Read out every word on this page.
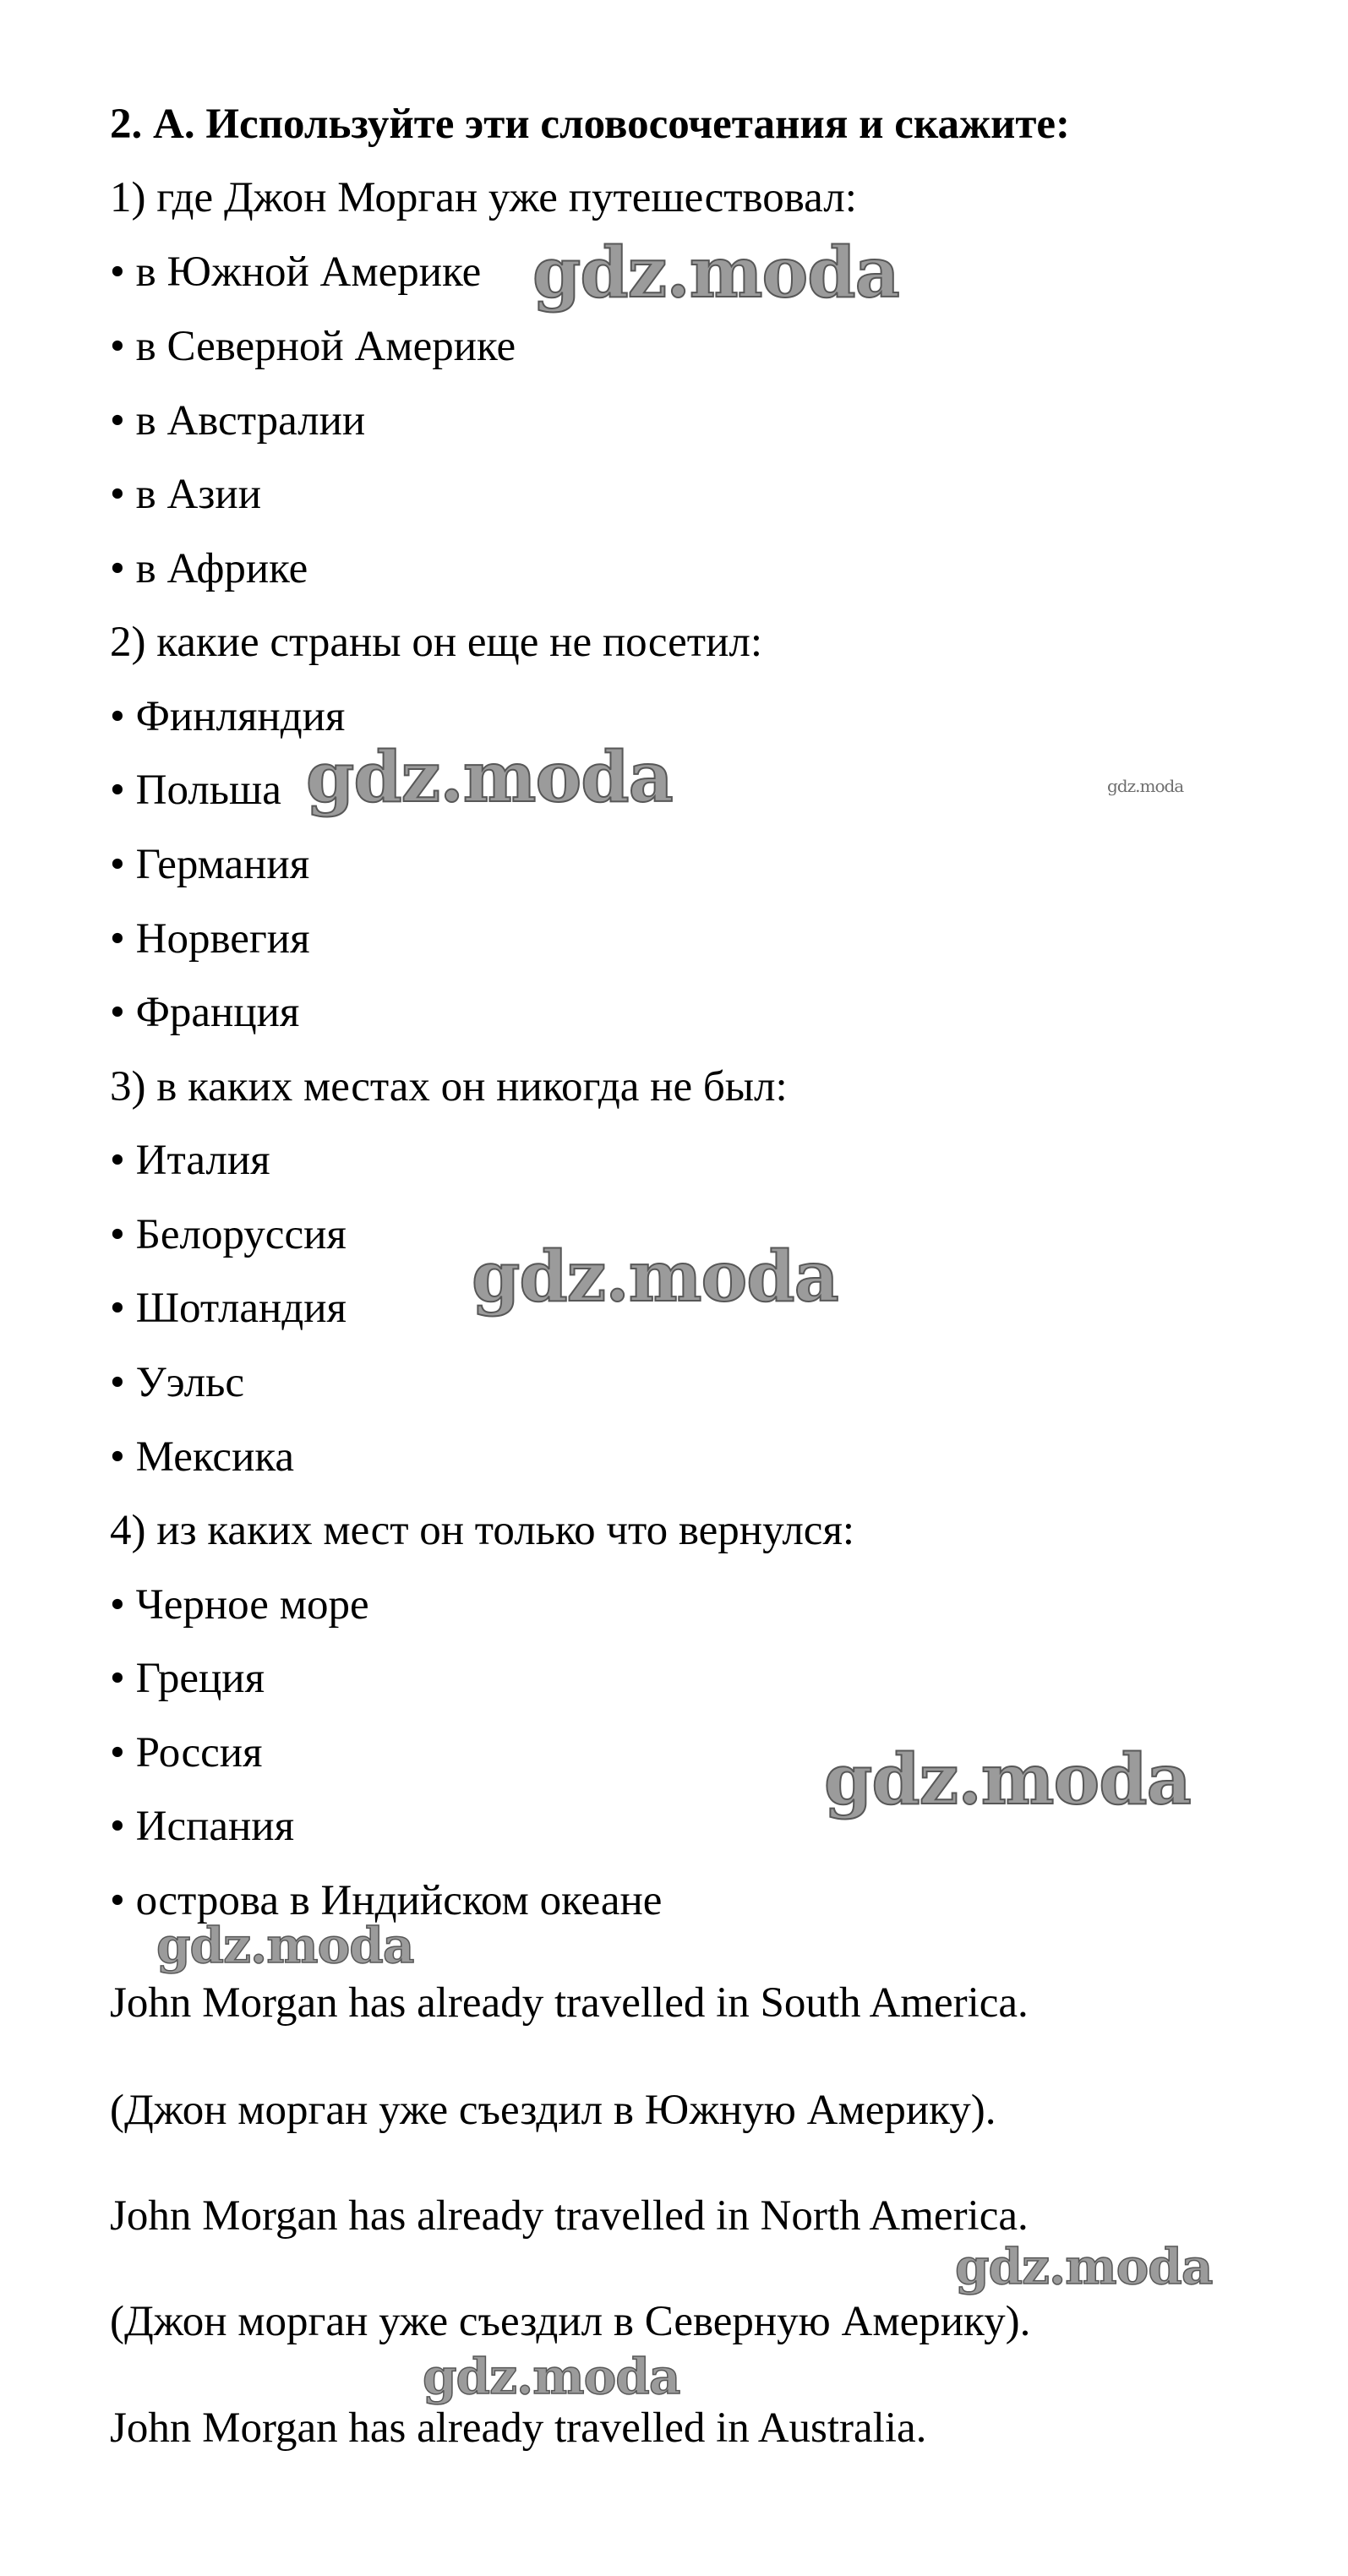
2. А. Используйте эти словосочетания и скажите:
1) где Джон Морган уже путешествовал:
• в Южной Америке
• в Северной Америке
• в Австралии
• в Азии
• в Африке
2) какие страны он еще не посетил:
• Финляндия
• Польша
• Германия
• Норвегия
• Франция
3) в каких местах он никогда не был:
• Италия
• Белоруссия
• Шотландия
• Уэльс
• Мексика
4) из каких мест он только что вернулся:
• Черное море
• Греция
• Россия
• Испания
• острова в Индийском океане
John Morgan has already travelled in South America.
(Джон морган уже съездил в Южную Америку).
John Morgan has already travelled in North America.
(Джон морган уже съездил в Северную Америку).
John Morgan has already travelled in Australia.
gdz.moda
gdz.moda	gdz.moda
gdz.moda
gdz.moda
gdz.moda
gdz.moda
gdz.moda
